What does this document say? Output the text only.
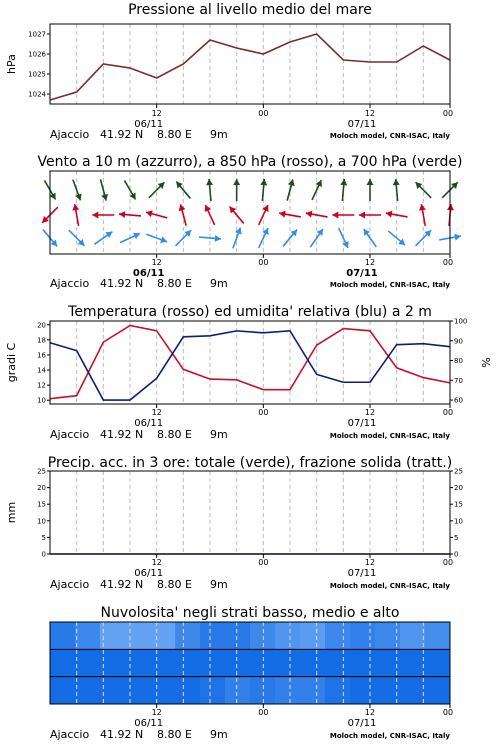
Pressione al livello medio del mare
12	00	12	00
06/11	07/11
Ajaccio 41.92 N 8.80 E 9m	Moloch model, CNR-ISAC, Italy
1024
1025
1026
1027
hPa
Vento a 10 m (azzurro), a 850 hPa (rosso), a 700 hPa (verde)
12	00	12	00
06/11	07/11
Ajaccio 41.92 N 8.80 E 9m	Moloch model, CNR-ISAC, Italy
Temperatura (rosso) ed umidita' relativa (blu) a 2 m
12	00	12	00
06/11	07/11
Ajaccio 41.92 N 8.80 E 9m	Moloch model, CNR-ISAC, Italy
10
12
14
16
18
20
gradi C
60
70
80
90
100
%
Precip. acc. in 3 ore: totale (verde), frazione solida (tratt.)
12	00	12	00
06/11	07/11
Ajaccio 41.92 N 8.80 E 9m	Moloch model, CNR-ISAC, Italy
0
5
10
15
20
25
mm
0
5
10
15
20
25
Nuvolosita' negli strati basso, medio e alto
12	00	12	00
06/11	07/11
Ajaccio 41.92 N 8.80 E 9m	Moloch model, CNR-ISAC, Italy
